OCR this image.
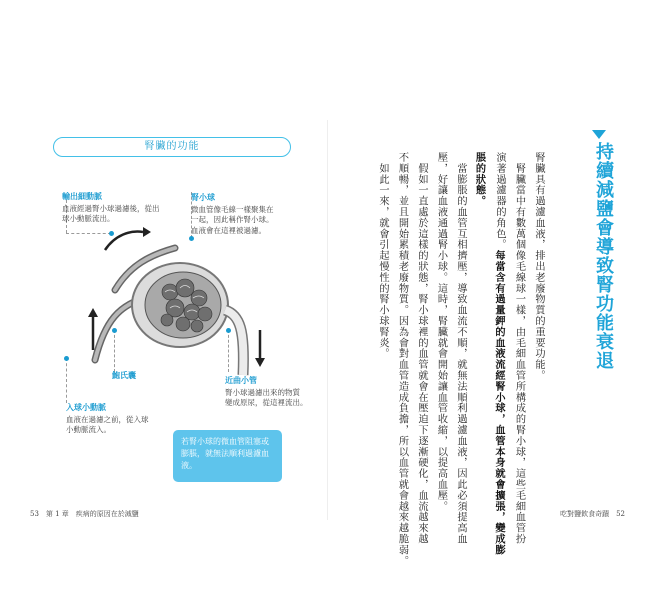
腎臟的功能
輸出細動脈
血液經過腎小球過濾後，從出
球小動脈流出。
腎小球
微血管像毛線一樣聚集在
一起，因此稱作腎小球。
血液會在這裡被過濾。
鮑氏囊
近曲小管
腎小球過濾出來的物質
變成原尿，從這裡流出。
入球小動脈
血液在過濾之前，從入球
小動脈流入。
若腎小球的微血管阻塞或膨脹，就無法順利過濾血液。
53　第 1 章　疾病的原因在於減鹽
持續減鹽會導致腎功能衰退
腎臟具有過濾血液，排出老廢物質的重要功能。
　腎臟當中有數萬個像毛線球一樣，由毛細血管所構成的腎小球，這些毛細血管扮
演著過濾器的角色。每當含有過量鉀的血液流經腎小球，血管本身就會擴張，變成膨
脹的狀態。
　當膨脹的血管互相擠壓，導致血流不順，就無法順利過濾血液，因此必須提高血
壓，好讓血液通過腎小球。這時，腎臟就會開始讓血管收縮，以提高血壓。
　假如一直處於這樣的狀態，腎小球裡的血管就會在壓迫下逐漸硬化，血流越來越
不順暢，並且開始累積老廢物質。因為會對血管造成負擔，所以血管就會越來越脆弱。
　如此一來，就會引起慢性的腎小球腎炎。
吃對鹽飲食奇蹟　52
